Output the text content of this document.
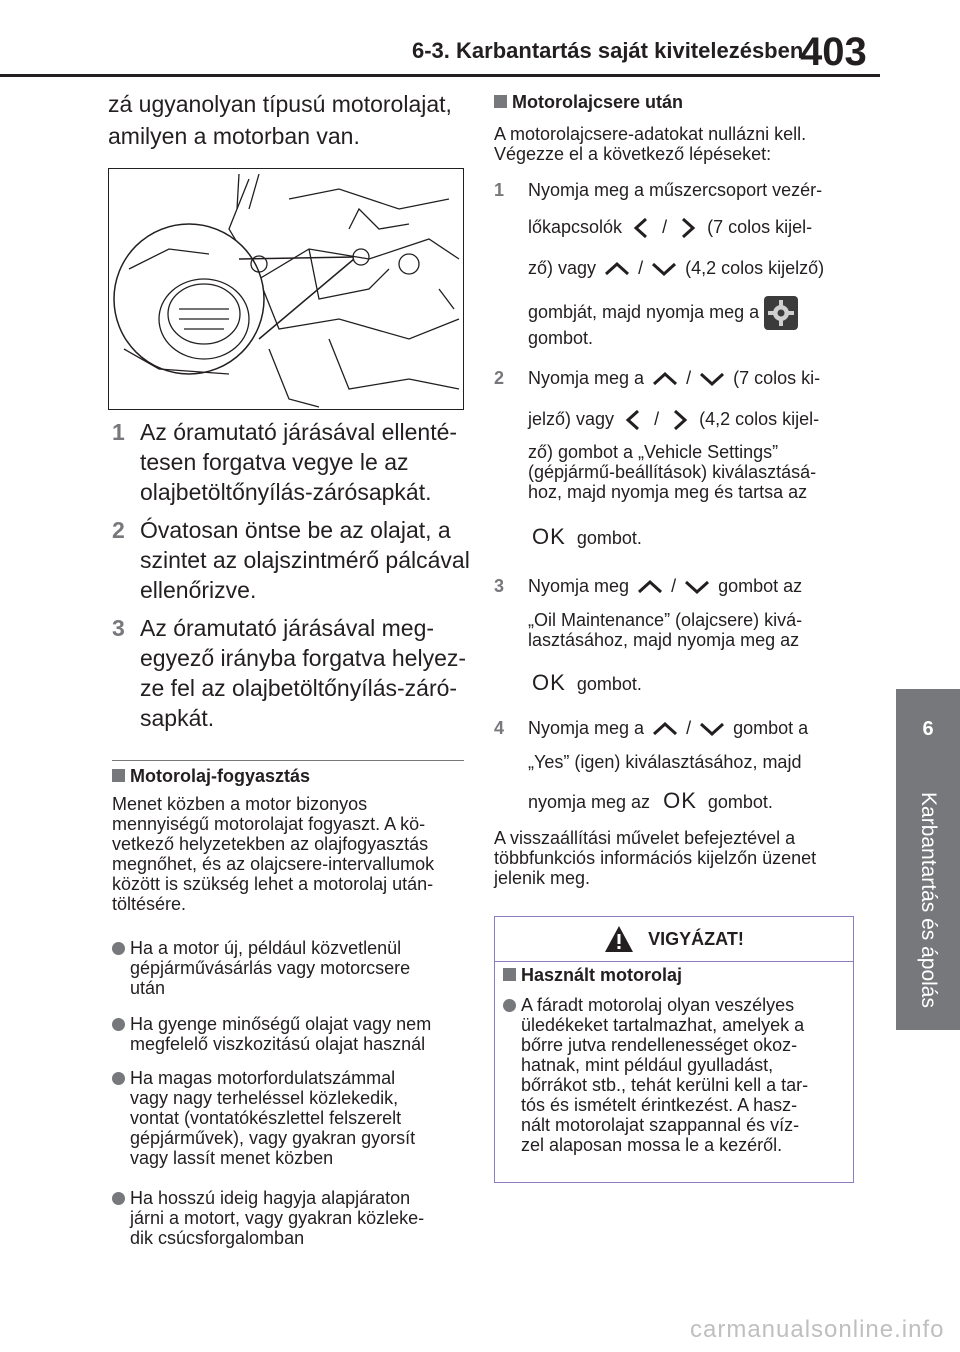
6-3. Karbantartás saját kivitelezésben
403
6
Karbantartás és ápolás
zá ugyanolyan típusú motorolajat,
amilyen a motorban van.
1 Az óramutató járásával ellenté-
tesen forgatva vegye le az
olajbetöltőnyílás-zárósapkát.
2 Óvatosan öntse be az olajat, a
szintet az olajszintmérő pálcával
ellenőrizve.
3 Az óramutató járásával meg-
egyező irányba forgatva helyez-
ze fel az olajbetöltőnyílás-záró-
sapkát.
Motorolaj-fogyasztás
Menet közben a motor bizonyos
mennyiségű motorolajat fogyaszt. A kö-
vetkező helyzetekben az olajfogyasztás
megnőhet, és az olajcsere-intervallumok
között is szükség lehet a motorolaj után-
töltésére.
Ha a motor új, például közvetlenül
gépjárművásárlás vagy motorcsere
után
Ha gyenge minőségű olajat vagy nem
megfelelő viszkozitású olajat használ
Ha magas motorfordulatszámmal
vagy nagy terheléssel közlekedik,
vontat (vontatókészlettel felszerelt
gépjárművek), vagy gyakran gyorsít
vagy lassít menet közben
Ha hosszú ideig hagyja alapjáraton
járni a motort, vagy gyakran közleke-
dik csúcsforgalomban
Motorolajcsere után
A motorolajcsere-adatokat nullázni kell.
Végezze el a következő lépéseket:
1 Nyomja meg a műszercsoport vezér-
lőkapcsolók / (7 colos kijel-
ző) vagy / (4,2 colos kijelző)
gombját, majd nyomja meg a
gombot.
2 Nyomja meg a / (7 colos ki-
jelző) vagy / (4,2 colos kijel-
ző) gombot a „Vehicle Settings”
(gépjármű-beállítások) kiválasztásá-
hoz, majd nyomja meg és tartsa az
OK gombot.
3 Nyomja meg / gombot az
„Oil Maintenance” (olajcsere) kivá-
lasztásához, majd nyomja meg az
OK gombot.
4 Nyomja meg a / gombot a
„Yes” (igen) kiválasztásához, majd
nyomja meg az OK gombot.
A visszaállítási művelet befejeztével a
többfunkciós információs kijelzőn üzenet
jelenik meg.
VIGYÁZAT!
Használt motorolaj
A fáradt motorolaj olyan veszélyes
üledékeket tartalmazhat, amelyek a
bőrre jutva rendellenességet okoz-
hatnak, mint például gyulladást,
bőrrákot stb., tehát kerülni kell a tar-
tós és ismételt érintkezést. A hasz-
nált motorolajat szappannal és víz-
zel alaposan mossa le a kezéről.
carmanualsonline.info
